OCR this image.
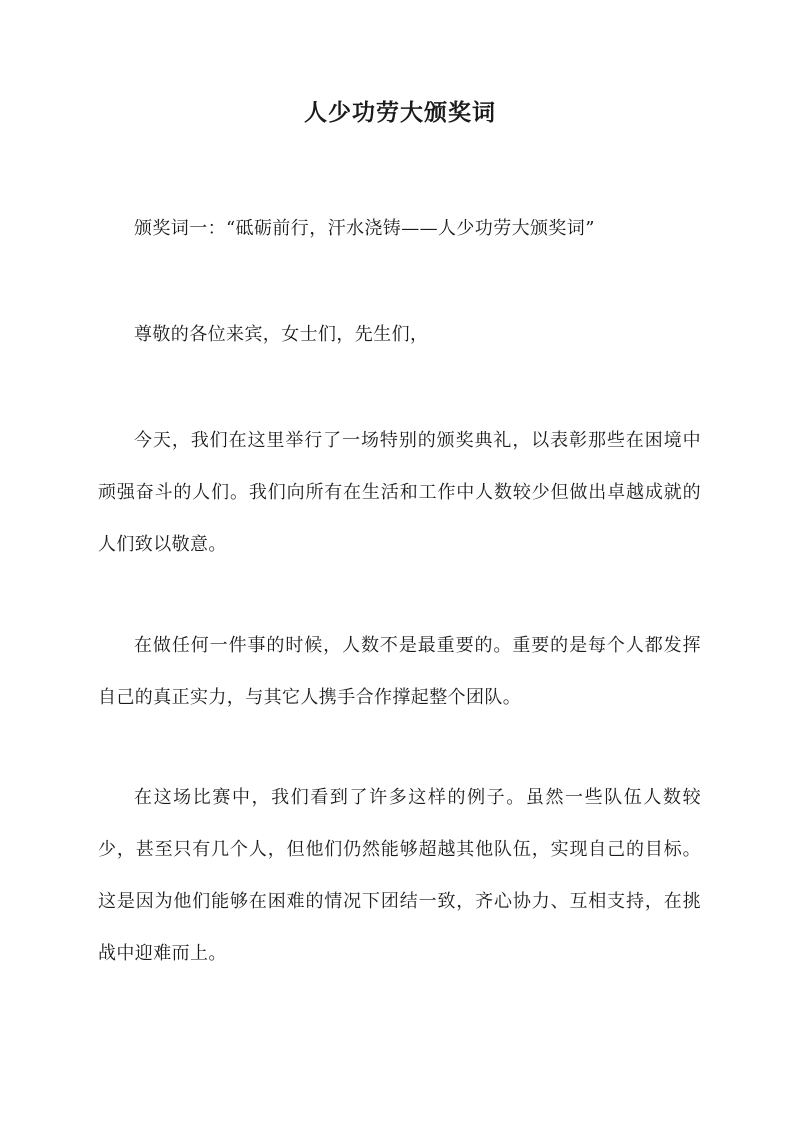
人少功劳大颁奖词

颁奖词一：“砥砺前行，汗水浇铸——人少功劳大颁奖词”

尊敬的各位来宾，女士们，先生们，

今天，我们在这里举行了一场特别的颁奖典礼，以表彰那些在困境中顽强奋斗的人们。我们向所有在生活和工作中人数较少但做出卓越成就的人们致以敬意。

在做任何一件事的时候，人数不是最重要的。重要的是每个人都发挥自己的真正实力，与其它人携手合作撑起整个团队。

在这场比赛中，我们看到了许多这样的例子。虽然一些队伍人数较少，甚至只有几个人，但他们仍然能够超越其他队伍，实现自己的目标。这是因为他们能够在困难的情况下团结一致，齐心协力、互相支持，在挑战中迎难而上。
